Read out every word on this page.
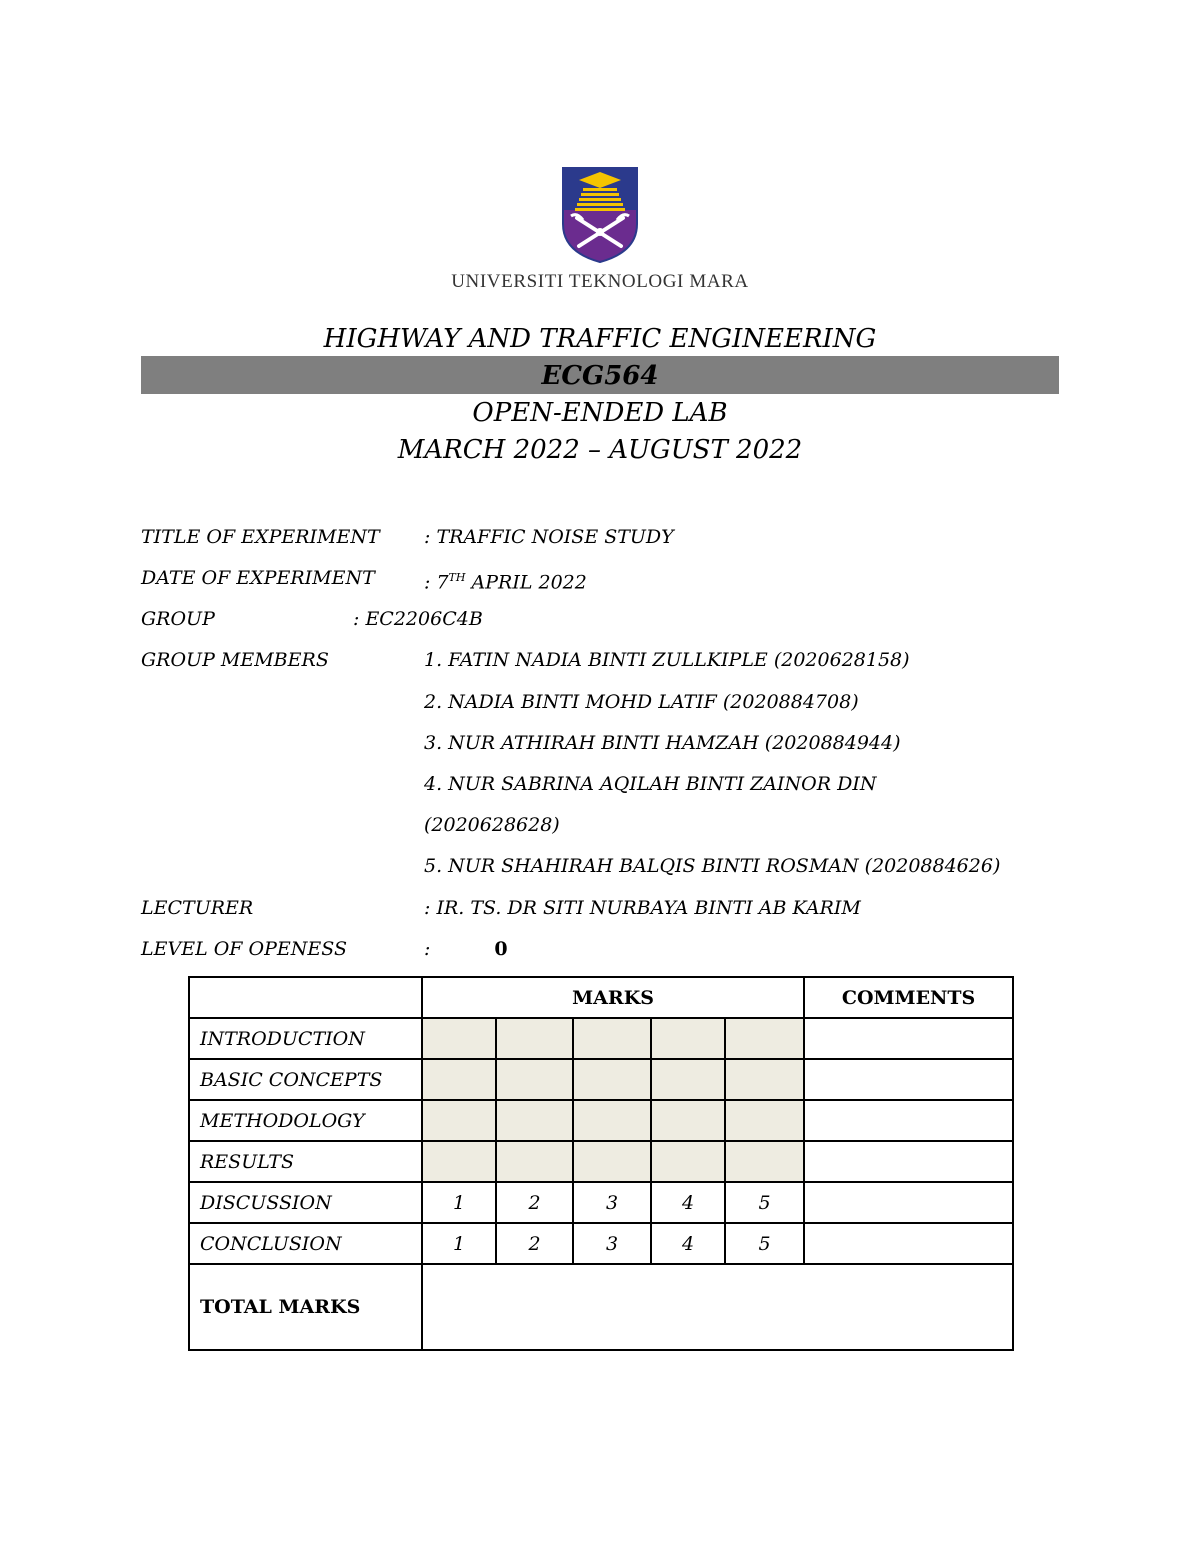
UNIVERSITI TEKNOLOGI MARA
HIGHWAY AND TRAFFIC ENGINEERING
ECG564
OPEN-ENDED LAB
MARCH 2022 – AUGUST 2022
TITLE OF EXPERIMENT : TRAFFIC NOISE STUDY
DATE OF EXPERIMENT	: 7TH APRIL 2022
GROUP	: EC2206C4B
GROUP MEMBERS	1. FATIN NADIA BINTI ZULLKIPLE (2020628158)
2. NADIA BINTI MOHD LATIF (2020884708)
3. NUR ATHIRAH BINTI HAMZAH (2020884944)
4. NUR SABRINA AQILAH BINTI ZAINOR DIN
(2020628628)
5. NUR SHAHIRAH BALQIS BINTI ROSMAN (2020884626)
LECTURER	: IR. TS. DR SITI NURBAYA BINTI AB KARIM
LEVEL OF OPENESS	:	0
	MARKS					COMMENTS
INTRODUCTION						
BASIC CONCEPTS						
METHODOLOGY						
RESULTS						
DISCUSSION	1	2	3	4	5	
CONCLUSION	1	2	3	4	5	
TOTAL MARKS						
